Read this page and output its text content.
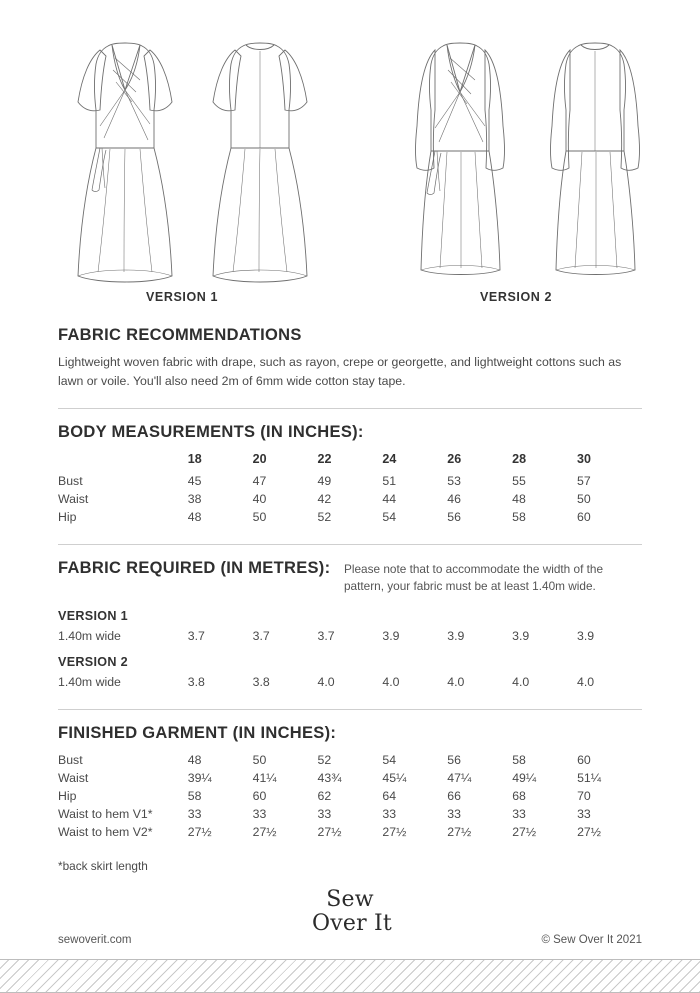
VERSION 1	VERSION 2
FABRIC RECOMMENDATIONS

Lightweight woven fabric with drape, such as rayon, crepe or georgette, and lightweight cottons such as lawn or voile. You'll also need 2m of 6mm wide cotton stay tape.

BODY MEASUREMENTS (IN INCHES):
	18	20	22	24	26	28	30
Bust	45	47	49	51	53	55	57
Waist	38	40	42	44	46	48	50
Hip	48	50	52	54	56	58	60
FABRIC REQUIRED (IN METRES):	Please note that to accommodate the width of the pattern, your fabric must be at least 1.40m wide.
VERSION 1
1.40m wide	3.7	3.7	3.7	3.9	3.9	3.9	3.9
VERSION 2
1.40m wide	3.8	3.8	4.0	4.0	4.0	4.0	4.0
FINISHED GARMENT (IN INCHES):
Bust	48	50	52	54	56	58	60
Waist	39¼	41¼	43¾	45¼	47¼	49¼	51¼
Hip	58	60	62	64	66	68	70
Waist to hem V1*	33	33	33	33	33	33	33
Waist to hem V2*	27½	27½	27½	27½	27½	27½	27½
*back skirt length
Sew
Over It
sewoverit.com	© Sew Over It 2021
